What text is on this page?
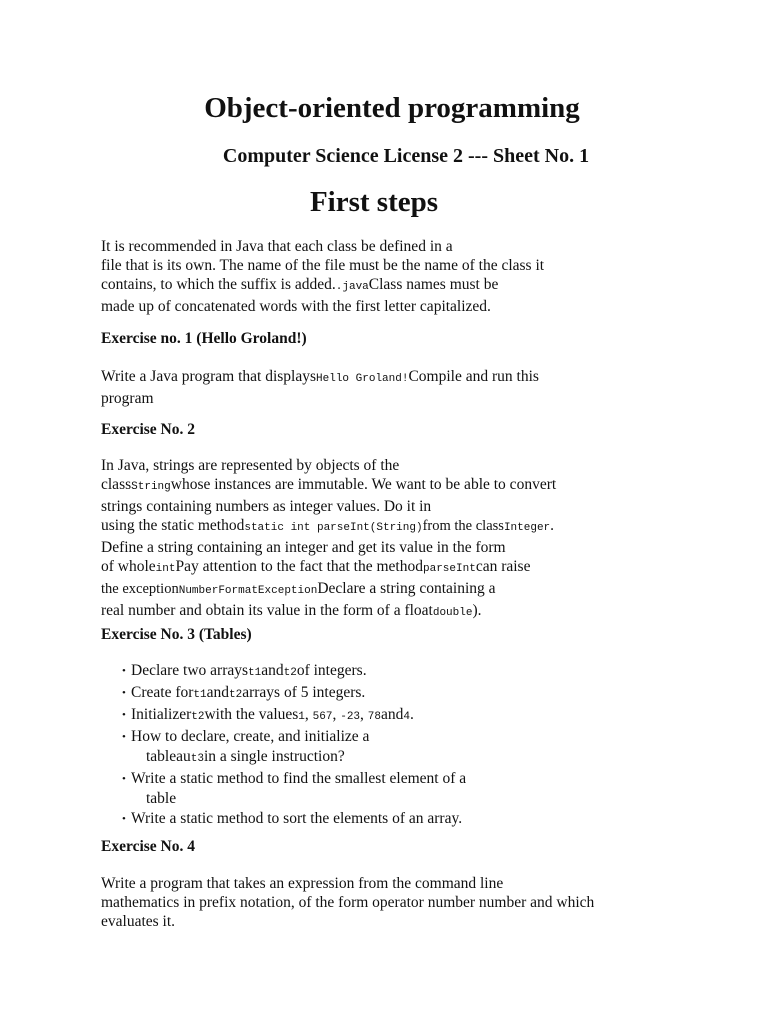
Object-oriented programming
Computer Science License 2 --- Sheet No. 1
First steps
It is recommended in Java that each class be defined in a
file that is its own. The name of the file must be the name of the class it
contains, to which the suffix is added..javaClass names must be
made up of concatenated words with the first letter capitalized.
Exercise no. 1 (Hello Groland!)
Write a Java program that displaysHello Groland!Compile and run this
program
Exercise No. 2
In Java, strings are represented by objects of the
classStringwhose instances are immutable. We want to be able to convert
strings containing numbers as integer values. Do it in
using the static methodstatic int parseInt(String)from the classInteger.
Define a string containing an integer and get its value in the form
of wholeintPay attention to the fact that the methodparseIntcan raise
the exceptionNumberFormatExceptionDeclare a string containing a
real number and obtain its value in the form of a floatdouble).
Exercise No. 3 (Tables)
• Declare two arrayst1andt2of integers.
• Create fort1andt2arrays of 5 integers.
• Initializert2with the values1, 567, -23, 78and4.
• How to declare, create, and initialize a
tableaut3in a single instruction?
• Write a static method to find the smallest element of a
table
• Write a static method to sort the elements of an array.
Exercise No. 4
Write a program that takes an expression from the command line
mathematics in prefix notation, of the form operator number number and which
evaluates it.
